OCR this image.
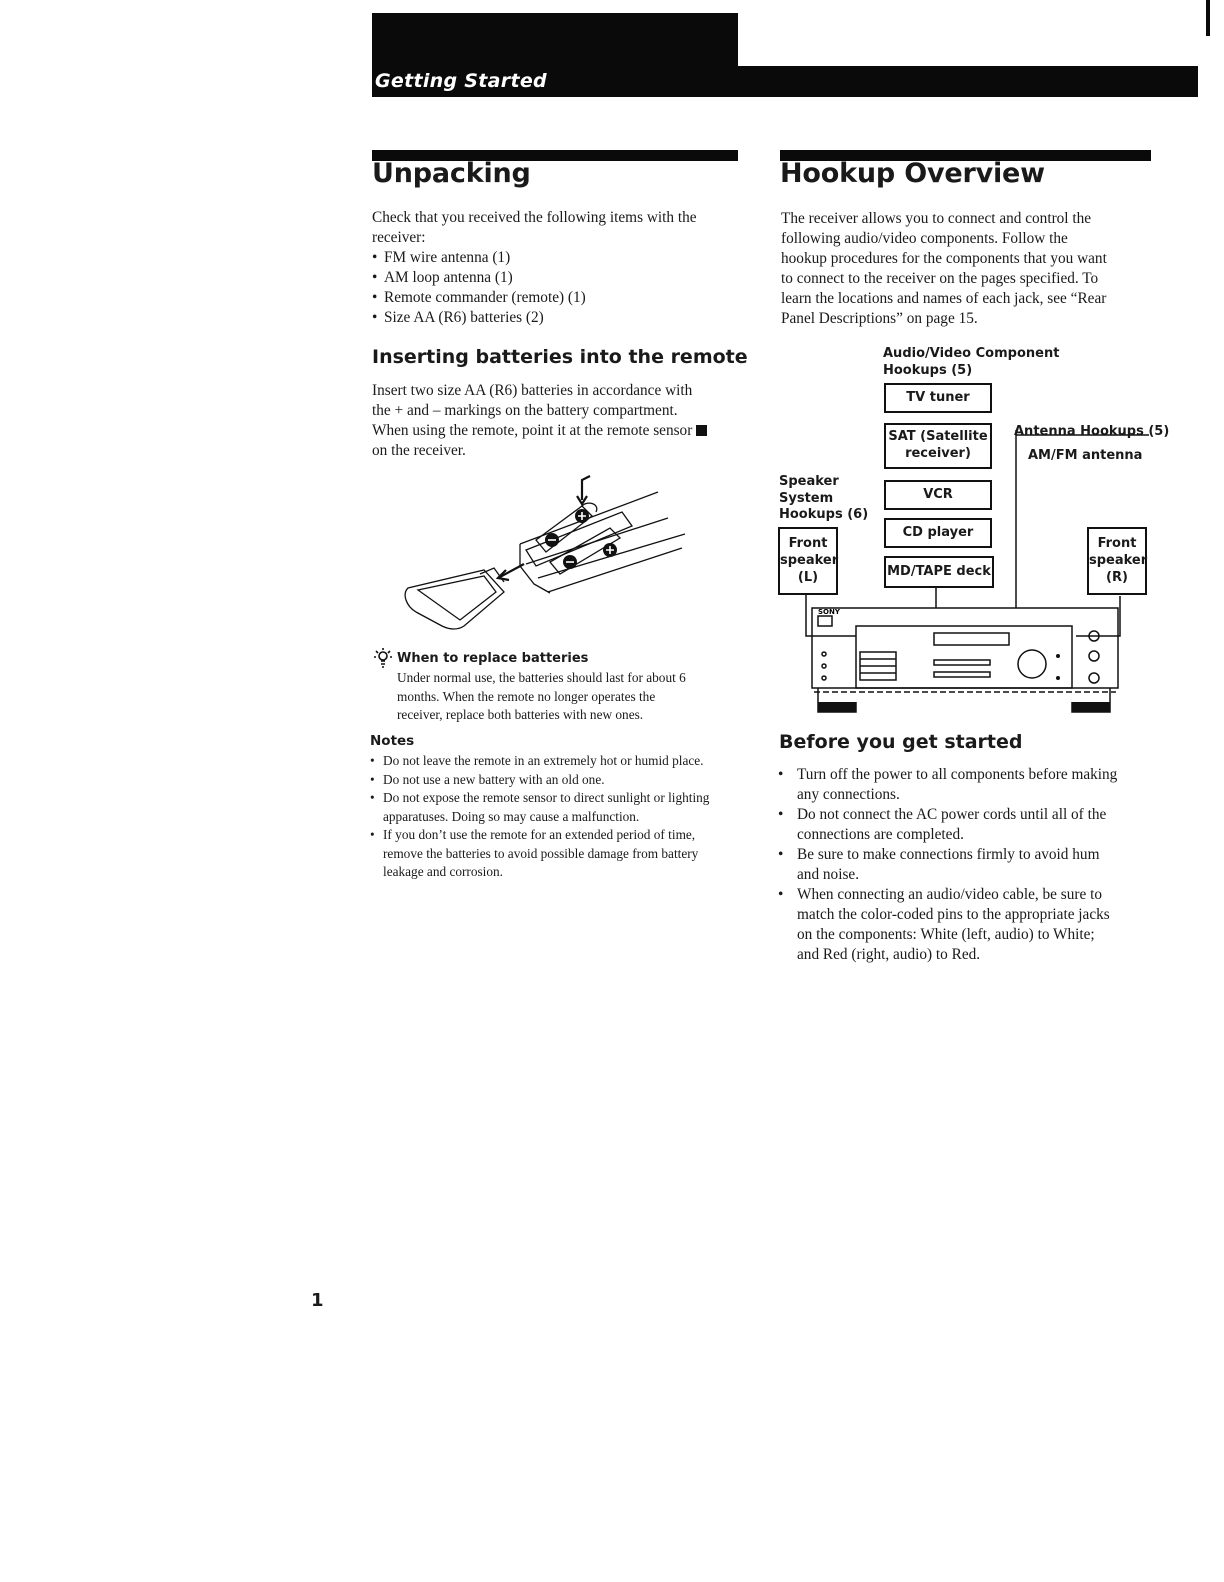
Getting Started
Unpacking
Check that you received the following items with the receiver:
• FM wire antenna (1)
• AM loop antenna (1)
• Remote commander (remote) (1)
• Size AA (R6) batteries (2)
Inserting batteries into the remote
Insert two size AA (R6) batteries in accordance with
the + and – markings on the battery compartment.
When using the remote, point it at the remote sensor
on the receiver.
When to replace batteries
Under normal use, the batteries should last for about 6
months. When the remote no longer operates the
receiver, replace both batteries with new ones.
Notes
• Do not leave the remote in an extremely hot or humid place.
• Do not use a new battery with an old one.
• Do not expose the remote sensor to direct sunlight or lighting apparatuses. Doing so may cause a malfunction.
• If you don’t use the remote for an extended period of time, remove the batteries to avoid possible damage from battery leakage and corrosion.
Hookup Overview
The receiver allows you to connect and control the
following audio/video components. Follow the
hookup procedures for the components that you want
to connect to the receiver on the pages specified. To
learn the locations and names of each jack, see “Rear
Panel Descriptions” on page 15.
Audio/Video Component
Hookups (5)
SONY
TV tuner
SAT (Satellite
receiver)
VCR
CD player
MD/TAPE deck
Antenna Hookups (5)
AM/FM antenna
Speaker
System
Hookups (6)
Front
speaker
(L)
Front
speaker
(R)
Before you get started
• Turn off the power to all components before making
any connections.
• Do not connect the AC power cords until all of the
connections are completed.
• Be sure to make connections firmly to avoid hum
and noise.
• When connecting an audio/video cable, be sure to
match the color-coded pins to the appropriate jacks
on the components: White (left, audio) to White;
and Red (right, audio) to Red.
1
